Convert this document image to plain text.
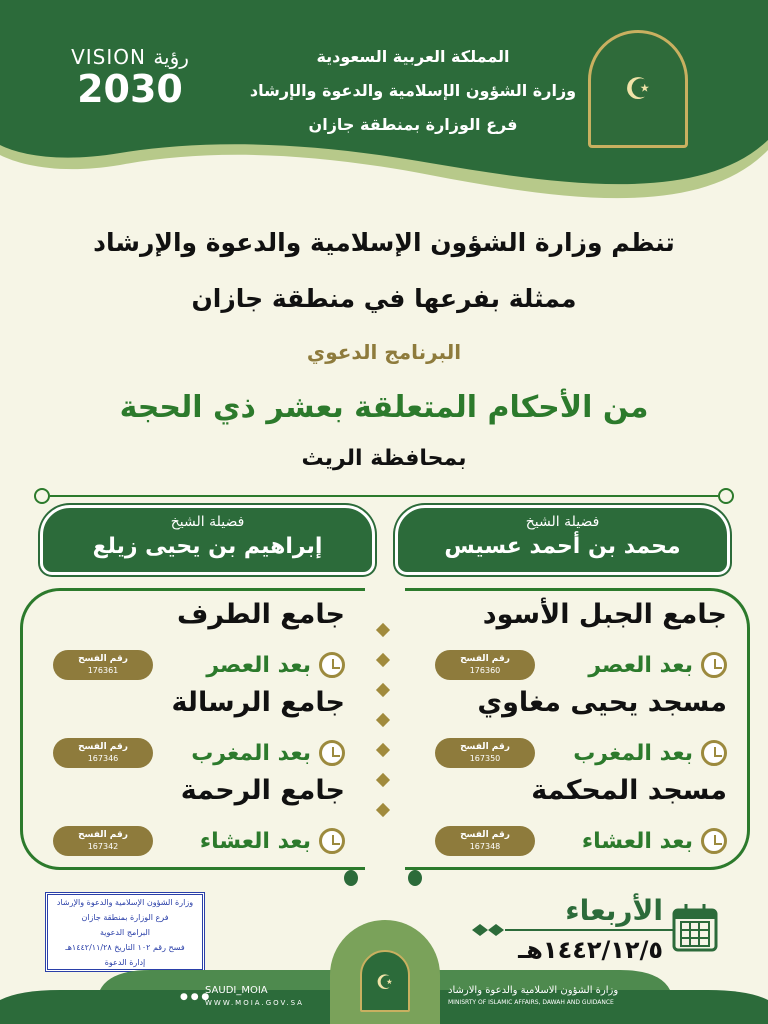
☪
المملكة العربية السعودية
وزارة الشؤون الإسلامية والدعوة والإرشاد
فرع الوزارة بمنطقة جازان
VISION رؤية
2030
تنظم وزارة الشؤون الإسلامية والدعوة والإرشاد
ممثلة بفرعها في منطقة جازان
البرنامج الدعوي
من الأحكام المتعلقة بعشر ذي الحجة
بمحافظة الريث
فضيلة الشيخ
محمد بن أحمد عسيس
فضيلة الشيخ
إبراهيم بن يحيى زيلع
جامع الجبل الأسود
بعد العصر
رقم الفسح
176360
مسجد يحيى مغاوي
بعد المغرب
رقم الفسح
167350
مسجد المحكمة
بعد العشاء
رقم الفسح
167348
جامع الطرف
بعد العصر
رقم الفسح
176361
جامع الرسالة
بعد المغرب
رقم الفسح
167346
جامع الرحمة
بعد العشاء
رقم الفسح
167342
الأربعاء
١٤٤٢/١٢/٥هـ
وزارة الشؤون الإسلامية والدعوة والإرشاد
فرع الوزارة بمنطقة جازان
البرامج الدعوية
فسح رقم ١٠٢ التاريخ ١٤٤٢/١١/٢٨هـ
إدارة الدعوة
☪
● ● ●
SAUDI_MOIA
WWW.MOIA.GOV.SA
وزارة الشؤون الاسلامية والدعوة والارشاد
MINISRTY OF ISLAMIC AFFAIRS, DAWAH AND GUIDANCE
